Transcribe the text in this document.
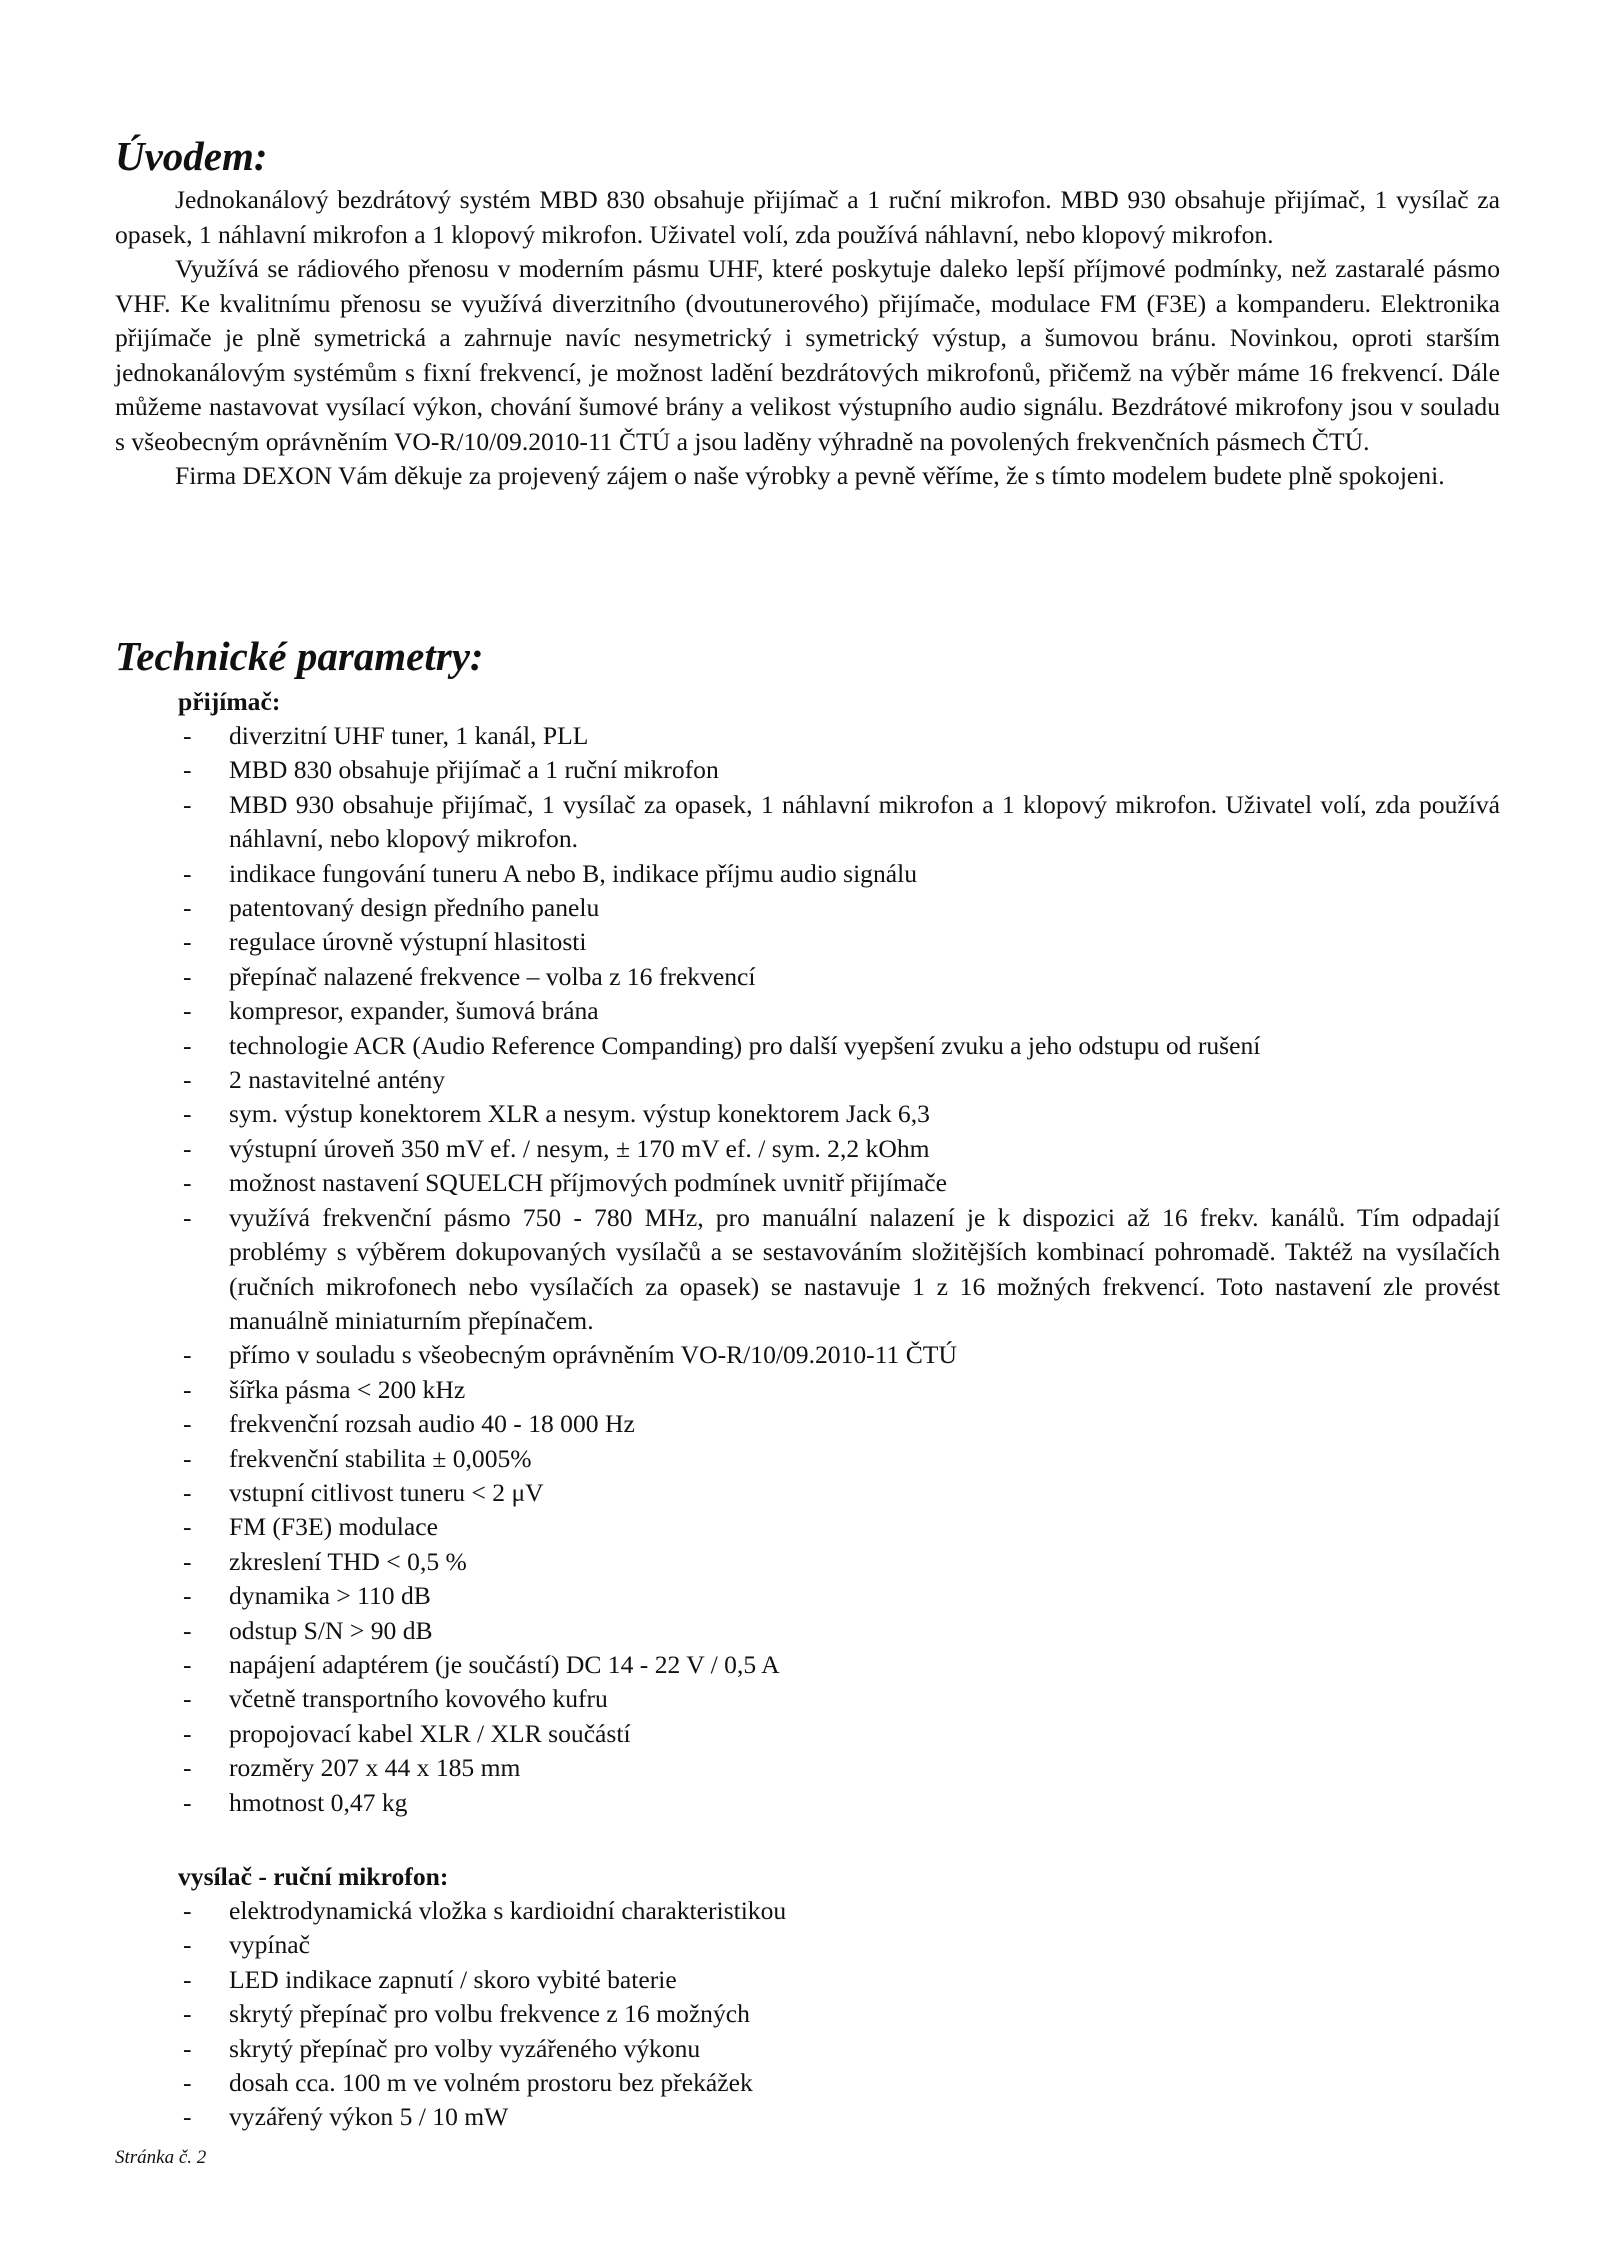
Úvodem:

Jednokanálový bezdrátový systém MBD 830 obsahuje přijímač a 1 ruční mikrofon. MBD 930 obsahuje přijímač, 1 vysílač za opasek, 1 náhlavní mikrofon a 1 klopový mikrofon. Uživatel volí, zda používá náhlavní, nebo klopový mikrofon.

Využívá se rádiového přenosu v moderním pásmu UHF, které poskytuje daleko lepší příjmové podmínky, než zastaralé pásmo VHF. Ke kvalitnímu přenosu se využívá diverzitního (dvoutunerového) přijímače, modulace FM (F3E) a kompanderu. Elektronika přijímače je plně symetrická a zahrnuje navíc nesymetrický i symetrický výstup, a šumovou bránu. Novinkou, oproti starším jednokanálovým systémům s fixní frekvencí, je možnost ladění bezdrátových mikrofonů, přičemž na výběr máme 16 frekvencí. Dále můžeme nastavovat vysílací výkon, chování šumové brány a velikost výstupního audio signálu. Bezdrátové mikrofony jsou v souladu s všeobecným oprávněním VO-R/10/09.2010-11 ČTÚ a jsou laděny výhradně na povolených frekvenčních pásmech ČTÚ.

Firma DEXON Vám děkuje za projevený zájem o naše výrobky a pevně věříme, že s tímto modelem budete plně spokojeni.

Technické parametry:
přijímač:
- diverzitní UHF tuner, 1 kanál, PLL
- MBD 830 obsahuje přijímač a 1 ruční mikrofon
- MBD 930 obsahuje přijímač, 1 vysílač za opasek, 1 náhlavní mikrofon a 1 klopový mikrofon. Uživatel volí, zda používá náhlavní, nebo klopový mikrofon.
- indikace fungování tuneru A nebo B, indikace příjmu audio signálu
- patentovaný design předního panelu
- regulace úrovně výstupní hlasitosti
- přepínač nalazené frekvence – volba z 16 frekvencí
- kompresor, expander, šumová brána
- technologie ACR (Audio Reference Companding) pro další vyepšení zvuku a jeho odstupu od rušení
- 2 nastavitelné antény
- sym. výstup konektorem XLR a nesym. výstup konektorem Jack 6,3
- výstupní úroveň 350 mV ef. / nesym, ± 170 mV ef. / sym. 2,2 kOhm
- možnost nastavení SQUELCH příjmových podmínek uvnitř přijímače
- využívá frekvenční pásmo 750 - 780 MHz, pro manuální nalazení je k dispozici až 16 frekv. kanálů. Tím odpadají problémy s výběrem dokupovaných vysílačů a se sestavováním složitějších kombinací pohromadě. Taktéž na vysílačích (ručních mikrofonech nebo vysílačích za opasek) se nastavuje 1 z 16 možných frekvencí. Toto nastavení zle provést manuálně miniaturním přepínačem.
- přímo v souladu s všeobecným oprávněním VO-R/10/09.2010-11 ČTÚ
- šířka pásma < 200 kHz
- frekvenční rozsah audio 40 - 18 000 Hz
- frekvenční stabilita ± 0,005%
- vstupní citlivost tuneru < 2 μV
- FM (F3E) modulace
- zkreslení THD < 0,5 %
- dynamika > 110 dB
- odstup S/N > 90 dB
- napájení adaptérem (je součástí) DC 14 - 22 V / 0,5 A
- včetně transportního kovového kufru
- propojovací kabel XLR / XLR součástí
- rozměry 207 x 44 x 185 mm
- hmotnost 0,47 kg
vysílač - ruční mikrofon:
- elektrodynamická vložka s kardioidní charakteristikou
- vypínač
- LED indikace zapnutí / skoro vybité baterie
- skrytý přepínač pro volbu frekvence z 16 možných
- skrytý přepínač pro volby vyzářeného výkonu
- dosah cca. 100 m ve volném prostoru bez překážek
- vyzářený výkon 5 / 10 mW
Stránka č. 2
